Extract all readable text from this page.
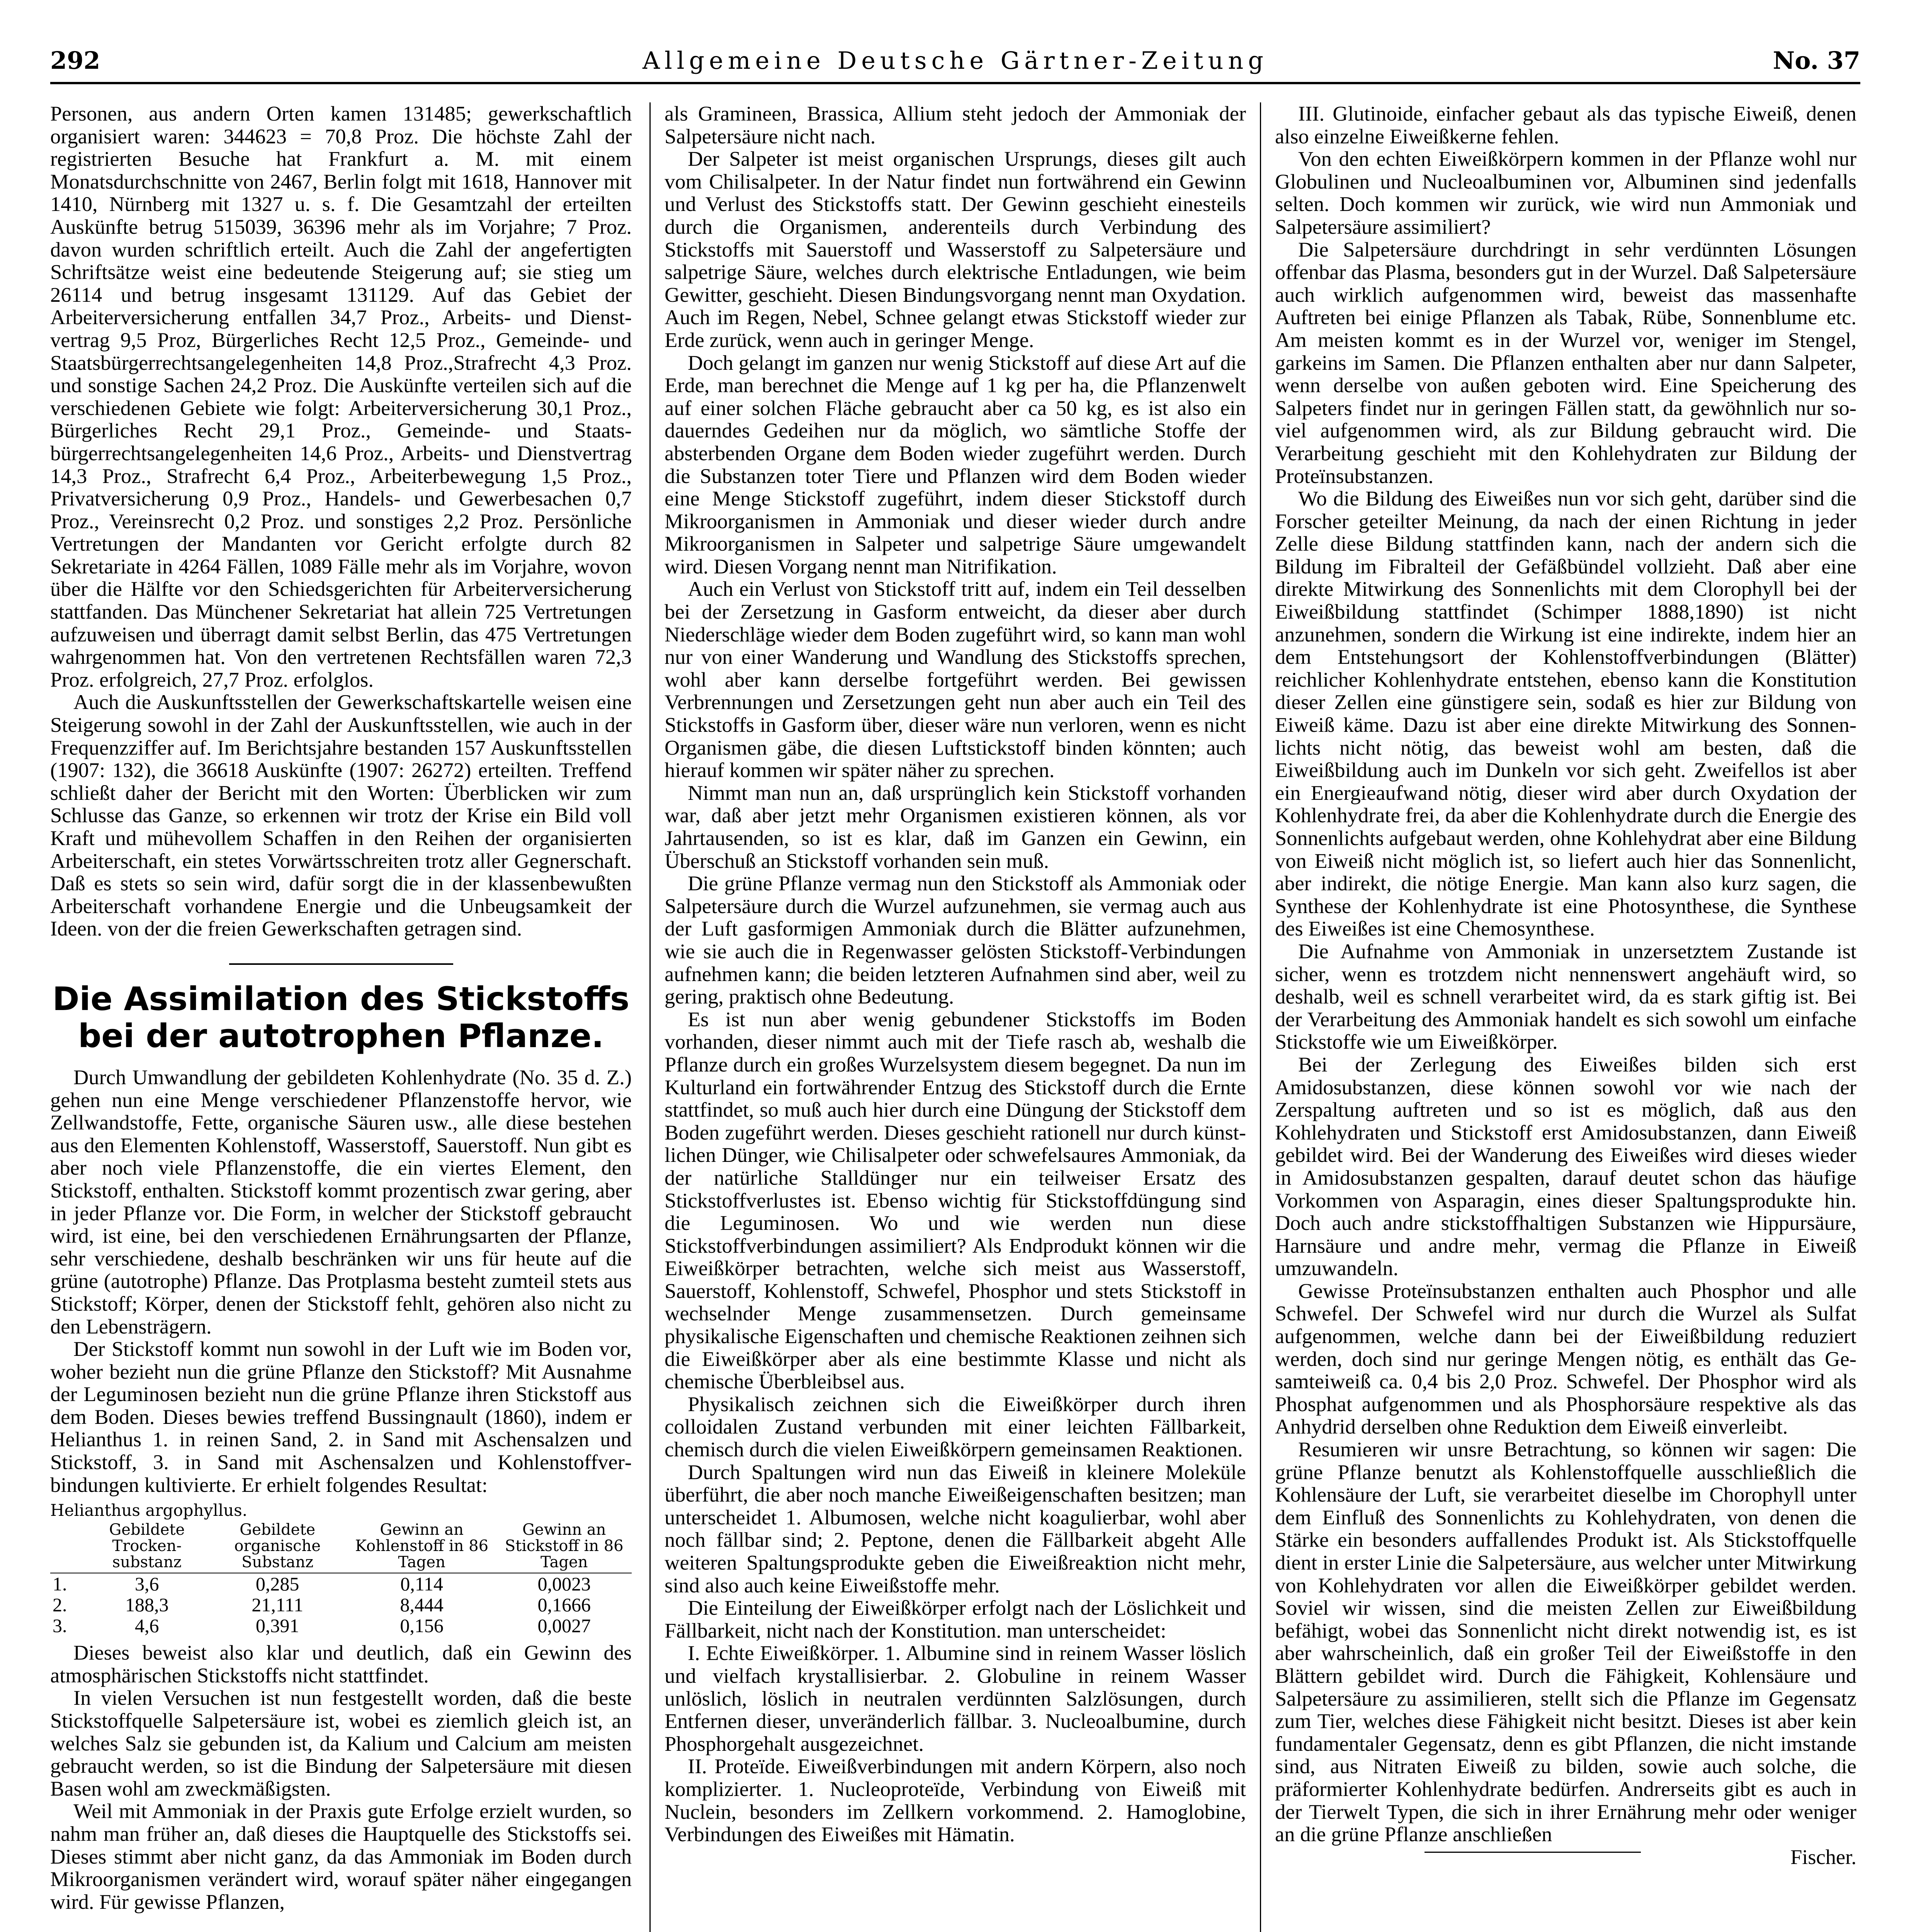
292	Allgemeine Deutsche Gärtner-Zeitung	No. 37

Personen, aus andern Orten kamen 131485; gewerkschaftlich organisiert waren: 344623 = 70,8 Proz. Die höchste Zahl der registrierten Besuche hat Frankfurt a. M. mit einem Monatsdurchschnitte von 2467, Berlin folgt mit 1618, Hannover mit 1410, Nürnberg mit 1327 u. s. f. Die Gesamtzahl der erteilten Auskünfte betrug 515039, 36396 mehr als im Vorjahre; 7 Proz. davon wurden schriftlich erteilt. Auch die Zahl der angefertigten Schriftsätze weist eine bedeutende Steigerung auf; sie stieg um 26114 und betrug insgesamt 131129. Auf das Gebiet der Arbeiterversicherung entfallen 34,7 Proz., Arbeits- und Dienstvertrag 9,5 Proz, Bürgerliches Recht 12,5 Proz., Gemeinde- und Staatsbürgerrechtsangelegenheiten 14,8 Proz.,Strafrecht 4,3 Proz. und sonstige Sachen 24,2 Proz. Die Auskünfte verteilen sich auf die verschiedenen Gebiete wie folgt: Arbeiterversicherung 30,1 Proz., Bürgerliches Recht 29,1 Proz., Gemeinde- und Staatsbürgerrechtsangelegenheiten 14,6 Proz., Arbeits- und Dienstvertrag 14,3 Proz., Strafrecht 6,4 Proz., Arbeiterbewegung 1,5 Proz., Privatversicherung 0,9 Proz., Handels- und Gewerbesachen 0,7 Proz., Vereinsrecht 0,2 Proz. und sonstiges 2,2 Proz. Persönliche Vertretungen der Mandanten vor Gericht erfolgte durch 82 Sekretariate in 4264 Fällen, 1089 Fälle mehr als im Vorjahre, wovon über die Hälfte vor den Schiedsgerichten für Arbeiterversicherung stattfanden. Das Münchener Sekretariat hat allein 725 Vertretungen aufzuweisen und überragt damit selbst Berlin, das 475 Vertretungen wahrgenommen hat. Von den vertretenen Rechtsfällen waren 72,3 Proz. erfolgreich, 27,7 Proz. erfolglos.

Auch die Auskunftsstellen der Gewerkschaftskartelle weisen eine Steigerung sowohl in der Zahl der Auskunftsstellen, wie auch in der Frequenzziffer auf. Im Berichtsjahre bestanden 157 Auskunftsstellen (1907: 132), die 36618 Auskünfte (1907: 26272) erteilten. Treffend schließt daher der Bericht mit den Worten: Überblicken wir zum Schlusse das Ganze, so erkennen wir trotz der Krise ein Bild voll Kraft und mühevollem Schaffen in den Reihen der organisierten Arbeiterschaft, ein stetes Vorwärtsschreiten trotz aller Gegnerschaft. Daß es stets so sein wird, dafür sorgt die in der klassenbewußten Arbeiterschaft vorhandene Energie und die Unbeugsamkeit der Ideen. von der die freien Gewerkschaften getragen sind.

Die Assimilation des Stickstoffs
bei der autotrophen Pflanze.

Durch Umwandlung der gebildeten Kohlenhydrate (No. 35 d. Z.) gehen nun eine Menge verschiedener Pflanzenstoffe hervor, wie Zellwandstoffe, Fette, organische Säuren usw., alle diese bestehen aus den Elementen Kohlenstoff, Wasserstoff, Sauerstoff. Nun gibt es aber noch viele Pflanzenstoffe, die ein viertes Element, den Stickstoff, enthalten. Stickstoff kommt prozentisch zwar gering, aber in jeder Pflanze vor. Die Form, in welcher der Stickstoff gebraucht wird, ist eine, bei den verschiedenen Ernährungsarten der Pflanze, sehr verschiedene, deshalb beschränken wir uns für heute auf die grüne (autotrophe) Pflanze. Das Protplasma besteht zumteil stets aus Stickstoff; Körper, denen der Stickstoff fehlt, gehören also nicht zu den Lebensträgern.

Der Stickstoff kommt nun sowohl in der Luft wie im Boden vor, woher bezieht nun die grüne Pflanze den Stickstoff? Mit Ausnahme der Leguminosen bezieht nun die grüne Pflanze ihren Stickstoff aus dem Boden. Dieses bewies treffend Bussingnault (1860), indem er Helianthus 1. in reinen Sand, 2. in Sand mit Aschensalzen und Stickstoff, 3. in Sand mit Aschensalzen und Kohlenstoffverbindungen kultivierte. Er erhielt folgendes Resultat:

Helianthus argophyllus.
	Gebildete Trockensubstanz	Gebildete organische Substanz	Gewinn an Kohlenstoff in 86 Tagen	Gewinn an Stickstoff in 86 Tagen
1.	3,6	0,285	0,114	0,0023
2.	188,3	21,111	8,444	0,1666
3.	4,6	0,391	0,156	0,0027

Dieses beweist also klar und deutlich, daß ein Gewinn des atmosphärischen Stickstoffs nicht stattfindet.

In vielen Versuchen ist nun festgestellt worden, daß die beste Stickstoffquelle Salpetersäure ist, wobei es ziemlich gleich ist, an welches Salz sie gebunden ist, da Kalium und Calcium am meisten gebraucht werden, so ist die Bindung der Salpetersäure mit diesen Basen wohl am zweckmäßigsten.

Weil mit Ammoniak in der Praxis gute Erfolge erzielt wurden, so nahm man früher an, daß dieses die Hauptquelle des Stickstoffs sei. Dieses stimmt aber nicht ganz, da das Ammoniak im Boden durch Mikroorganismen verändert wird, worauf später näher eingegangen wird. Für gewisse Pflanzen,

als Gramineen, Brassica, Allium steht jedoch der Ammoniak der Salpetersäure nicht nach.

Der Salpeter ist meist organischen Ursprungs, dieses gilt auch vom Chilisalpeter. In der Natur findet nun fortwährend ein Gewinn und Verlust des Stickstoffs statt. Der Gewinn geschieht einesteils durch die Organismen, anderenteils durch Verbindung des Stickstoffs mit Sauerstoff und Wasserstoff zu Salpetersäure und salpetrige Säure, welches durch elektrische Entladungen, wie beim Gewitter, geschieht. Diesen Bindungsvorgang nennt man Oxydation. Auch im Regen, Nebel, Schnee gelangt etwas Stickstoff wieder zur Erde zurück, wenn auch in geringer Menge.

Doch gelangt im ganzen nur wenig Stickstoff auf diese Art auf die Erde, man berechnet die Menge auf 1 kg per ha, die Pflanzenwelt auf einer solchen Fläche gebraucht aber ca 50 kg, es ist also ein dauerndes Gedeihen nur da möglich, wo sämtliche Stoffe der absterbenden Organe dem Boden wieder zugeführt werden. Durch die Substanzen toter Tiere und Pflanzen wird dem Boden wieder eine Menge Stickstoff zugeführt, indem dieser Stickstoff durch Mikroorganismen in Ammoniak und dieser wieder durch andre Mikroorganismen in Salpeter und salpetrige Säure umgewandelt wird. Diesen Vorgang nennt man Nitrifikation.

Auch ein Verlust von Stickstoff tritt auf, indem ein Teil desselben bei der Zersetzung in Gasform entweicht, da dieser aber durch Niederschläge wieder dem Boden zugeführt wird, so kann man wohl nur von einer Wanderung und Wandlung des Stickstoffs sprechen, wohl aber kann derselbe fortgeführt werden. Bei gewissen Verbrennungen und Zersetzungen geht nun aber auch ein Teil des Stickstoffs in Gasform über, dieser wäre nun verloren, wenn es nicht Organismen gäbe, die diesen Luftstickstoff binden könnten; auch hierauf kommen wir später näher zu sprechen.

Nimmt man nun an, daß ursprünglich kein Stickstoff vorhanden war, daß aber jetzt mehr Organismen existieren können, als vor Jahrtausenden, so ist es klar, daß im Ganzen ein Gewinn, ein Überschuß an Stickstoff vorhanden sein muß.

Die grüne Pflanze vermag nun den Stickstoff als Ammoniak oder Salpetersäure durch die Wurzel aufzunehmen, sie vermag auch aus der Luft gasformigen Ammoniak durch die Blätter aufzunehmen, wie sie auch die in Regenwasser gelösten Stickstoff-Verbindungen aufnehmen kann; die beiden letzteren Aufnahmen sind aber, weil zu gering, praktisch ohne Bedeutung.

Es ist nun aber wenig gebundener Stickstoffs im Boden vorhanden, dieser nimmt auch mit der Tiefe rasch ab, weshalb die Pflanze durch ein großes Wurzelsystem diesem begegnet. Da nun im Kulturland ein fortwährender Entzug des Stickstoff durch die Ernte stattfindet, so muß auch hier durch eine Düngung der Stickstoff dem Boden zugeführt werden. Dieses geschieht rationell nur durch künstlichen Dünger, wie Chilisalpeter oder schwefelsaures Ammoniak, da der natürliche Stalldünger nur ein teilweiser Ersatz des Stickstoffverlustes ist. Ebenso wichtig für Stickstoffdüngung sind die Leguminosen. Wo und wie werden nun diese Stickstoffverbindungen assimiliert? Als Endprodukt können wir die Eiweißkörper betrachten, welche sich meist aus Wasserstoff, Sauerstoff, Kohlenstoff, Schwefel, Phosphor und stets Stickstoff in wechselnder Menge zusammensetzen. Durch gemeinsame physikalische Eigenschaften und chemische Reaktionen zeihnen sich die Eiweißkörper aber als eine bestimmte Klasse und nicht als chemische Überbleibsel aus.

Physikalisch zeichnen sich die Eiweißkörper durch ihren colloidalen Zustand verbunden mit einer leichten Fällbarkeit, chemisch durch die vielen Eiweißkörpern gemeinsamen Reaktionen.

Durch Spaltungen wird nun das Eiweiß in kleinere Moleküle überführt, die aber noch manche Eiweißeigenschaften besitzen; man unterscheidet 1. Albumosen, welche nicht koagulierbar, wohl aber noch fällbar sind; 2. Peptone, denen die Fällbarkeit abgeht Alle weiteren Spaltungsprodukte geben die Eiweißreaktion nicht mehr, sind also auch keine Eiweißstoffe mehr.

Die Einteilung der Eiweißkörper erfolgt nach der Löslichkeit und Fällbarkeit, nicht nach der Konstitution. man unterscheidet:

I. Echte Eiweißkörper. 1. Albumine sind in reinem Wasser löslich und vielfach krystallisierbar. 2. Globuline in reinem Wasser unlöslich, löslich in neutralen verdünnten Salzlösungen, durch Entfernen dieser, unveränderlich fällbar. 3. Nucleoalbumine, durch Phosphorgehalt ausgezeichnet.

II. Proteïde. Eiweißverbindungen mit andern Körpern, also noch komplizierter. 1. Nucleoproteïde, Verbindung von Eiweiß mit Nuclein, besonders im Zellkern vorkommend. 2. Hamoglobine, Verbindungen des Eiweißes mit Hämatin.

III. Glutinoide, einfacher gebaut als das typische Eiweiß, denen also einzelne Eiweißkerne fehlen.

Von den echten Eiweißkörpern kommen in der Pflanze wohl nur Globulinen und Nucleoalbuminen vor, Albuminen sind jedenfalls selten. Doch kommen wir zurück, wie wird nun Ammoniak und Salpetersäure assimiliert?

Die Salpetersäure durchdringt in sehr verdünnten Lösungen offenbar das Plasma, besonders gut in der Wurzel. Daß Salpetersäure auch wirklich aufgenommen wird, beweist das massenhafte Auftreten bei einige Pflanzen als Tabak, Rübe, Sonnenblume etc. Am meisten kommt es in der Wurzel vor, weniger im Stengel, garkeins im Samen. Die Pflanzen enthalten aber nur dann Salpeter, wenn derselbe von außen geboten wird. Eine Speicherung des Salpeters findet nur in geringen Fällen statt, da gewöhnlich nur soviel aufgenommen wird, als zur Bildung gebraucht wird. Die Verarbeitung geschieht mit den Kohlehydraten zur Bildung der Proteïnsubstanzen.

Wo die Bildung des Eiweißes nun vor sich geht, darüber sind die Forscher geteilter Meinung, da nach der einen Richtung in jeder Zelle diese Bildung stattfinden kann, nach der andern sich die Bildung im Fibralteil der Gefäßbündel vollzieht. Daß aber eine direkte Mitwirkung des Sonnenlichts mit dem Clorophyll bei der Eiweißbildung stattfindet (Schimper 1888,1890) ist nicht anzunehmen, sondern die Wirkung ist eine indirekte, indem hier an dem Entstehungsort der Kohlenstoffverbindungen (Blätter) reichlicher Kohlenhydrate entstehen, ebenso kann die Konstitution dieser Zellen eine günstigere sein, sodaß es hier zur Bildung von Eiweiß käme. Dazu ist aber eine direkte Mitwirkung des Sonnenlichts nicht nötig, das beweist wohl am besten, daß die Eiweißbildung auch im Dunkeln vor sich geht. Zweifellos ist aber ein Energieaufwand nötig, dieser wird aber durch Oxydation der Kohlenhydrate frei, da aber die Kohlenhydrate durch die Energie des Sonnenlichts aufgebaut werden, ohne Kohlehydrat aber eine Bildung von Eiweiß nicht möglich ist, so liefert auch hier das Sonnenlicht, aber indirekt, die nötige Energie. Man kann also kurz sagen, die Synthese der Kohlenhydrate ist eine Photosynthese, die Synthese des Eiweißes ist eine Chemosynthese.

Die Aufnahme von Ammoniak in unzersetztem Zustande ist sicher, wenn es trotzdem nicht nennenswert angehäuft wird, so deshalb, weil es schnell verarbeitet wird, da es stark giftig ist. Bei der Verarbeitung des Ammoniak handelt es sich sowohl um einfache Stickstoffe wie um Eiweißkörper.

Bei der Zerlegung des Eiweißes bilden sich erst Amidosubstanzen, diese können sowohl vor wie nach der Zerspaltung auftreten und so ist es möglich, daß aus den Kohlehydraten und Stickstoff erst Amidosubstanzen, dann Eiweiß gebildet wird. Bei der Wanderung des Eiweißes wird dieses wieder in Amidosubstanzen gespalten, darauf deutet schon das häufige Vorkommen von Asparagin, eines dieser Spaltungsprodukte hin. Doch auch andre stickstoffhaltigen Substanzen wie Hippursäure, Harnsäure und andre mehr, vermag die Pflanze in Eiweiß umzuwandeln.

Gewisse Proteïnsubstanzen enthalten auch Phosphor und alle Schwefel. Der Schwefel wird nur durch die Wurzel als Sulfat aufgenommen, welche dann bei der Eiweißbildung reduziert werden, doch sind nur geringe Mengen nötig, es enthält das Gesamteiweiß ca. 0,4 bis 2,0 Proz. Schwefel. Der Phosphor wird als Phosphat aufgenommen und als Phosphorsäure respektive als das Anhydrid derselben ohne Reduktion dem Eiweiß einverleibt.

Resumieren wir unsre Betrachtung, so können wir sagen: Die grüne Pflanze benutzt als Kohlenstoffquelle ausschließlich die Kohlensäure der Luft, sie verarbeitet dieselbe im Chorophyll unter dem Einfluß des Sonnenlichts zu Kohlehydraten, von denen die Stärke ein besonders auffallendes Produkt ist. Als Stickstoffquelle dient in erster Linie die Salpetersäure, aus welcher unter Mitwirkung von Kohlehydraten vor allen die Eiweißkörper gebildet werden. Soviel wir wissen, sind die meisten Zellen zur Eiweißbildung befähigt, wobei das Sonnenlicht nicht direkt notwendig ist, es ist aber wahrscheinlich, daß ein großer Teil der Eiweißstoffe in den Blättern gebildet wird. Durch die Fähigkeit, Kohlensäure und Salpetersäure zu assimilieren, stellt sich die Pflanze im Gegensatz zum Tier, welches diese Fähigkeit nicht besitzt. Dieses ist aber kein fundamentaler Gegensatz, denn es gibt Pflanzen, die nicht imstande sind, aus Nitraten Eiweiß zu bilden, sowie auch solche, die präformierter Kohlenhydrate bedürfen. Andrerseits gibt es auch in der Tierwelt Typen, die sich in ihrer Ernährung mehr oder weniger an die grüne Pflanze anschließen

Fischer.
